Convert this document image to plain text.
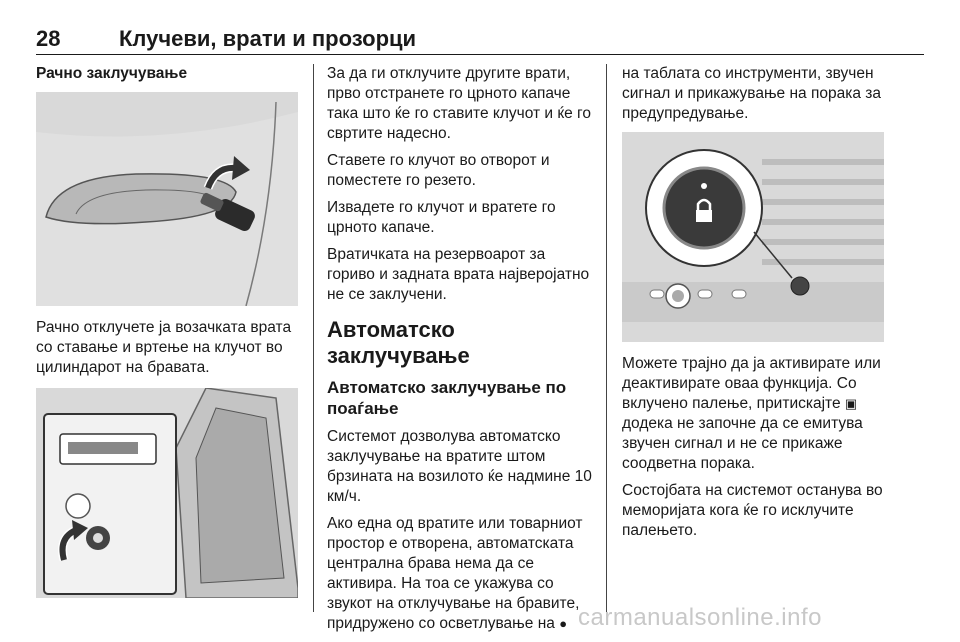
28	Клучеви, врати и прозорци
Рачно заклучување

Рачно отклучете ја возачката врата со ставање и вртење на клучот во цилиндарот на бравата.

За да ги отклучите другите врати, прво отстранете го црното капаче така што ќе го ставите клучот и ќе го свртите надесно.

Ставете го клучот во отворот и поместете го резето.

Извадете го клучот и вратете го црното капаче.

Вратичката на резервоарот за гориво и задната врата најверојатно не се заклучени.

Автоматско заклучување
Автоматско заклучување по поаѓање

Системот дозволува автоматско заклучување на вратите штом брзината на возилото ќе надмине 10 км/ч.

Ако една од вратите или товарниот простор е отворена, автоматската централна брава нема да се активира. На тоа се укажува со звукот на отклучување на бравите, придружено со осветлување на ●

на таблата со инструменти, звучен сигнал и прикажување на порака за предупредување.

Можете трајно да ја активирате или деактивирате оваа функција. Со вклучено палење, притискајте ▣ додека не започне да се емитува звучен сигнал и не се прикаже соодветна порака.

Состојбата на системот останува во меморијата кога ќе го исклучите палењето.

carmanualsonline.info
